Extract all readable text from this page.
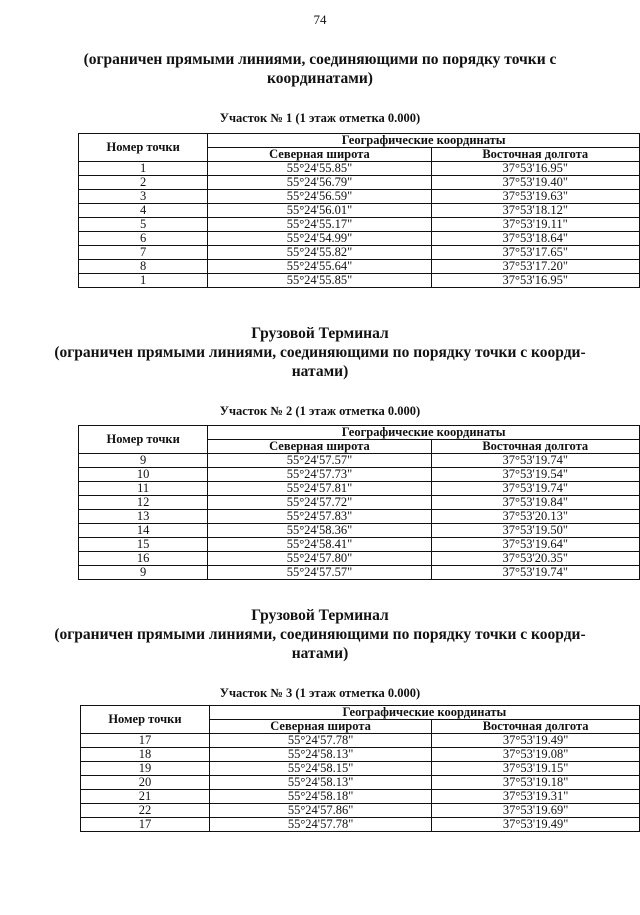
74
(ограничен прямыми линиями, соединяющими по порядку точки с
координатами)
Участок № 1 (1 этаж отметка 0.000)
Номер точки	Географические координаты	
	Северная широта	Восточная долгота
1	55°24'55.85"	37°53'16.95"
2	55°24'56.79"	37°53'19.40"
3	55°24'56.59"	37°53'19.63"
4	55°24'56.01"	37°53'18.12"
5	55°24'55.17"	37°53'19.11"
6	55°24'54.99"	37°53'18.64"
7	55°24'55.82"	37°53'17.65"
8	55°24'55.64"	37°53'17.20"
1	55°24'55.85"	37°53'16.95"
Грузовой Терминал
(ограничен прямыми линиями, соединяющими по порядку точки с коорди-
натами)
Участок № 2 (1 этаж отметка 0.000)
Номер точки	Географические координаты	
	Северная широта	Восточная долгота
9	55°24'57.57"	37°53'19.74"
10	55°24'57.73"	37°53'19.54"
11	55°24'57.81"	37°53'19.74"
12	55°24'57.72"	37°53'19.84"
13	55°24'57.83"	37°53'20.13"
14	55°24'58.36"	37°53'19.50"
15	55°24'58.41"	37°53'19.64"
16	55°24'57.80"	37°53'20.35"
9	55°24'57.57"	37°53'19.74"
Грузовой Терминал
(ограничен прямыми линиями, соединяющими по порядку точки с коорди-
натами)
Участок № 3 (1 этаж отметка 0.000)
Номер точки	Географические координаты	
	Северная широта	Восточная долгота
17	55°24'57.78"	37°53'19.49"
18	55°24'58.13"	37°53'19.08"
19	55°24'58.15"	37°53'19.15"
20	55°24'58.13"	37°53'19.18"
21	55°24'58.18"	37°53'19.31"
22	55°24'57.86"	37°53'19.69"
17	55°24'57.78"	37°53'19.49"
